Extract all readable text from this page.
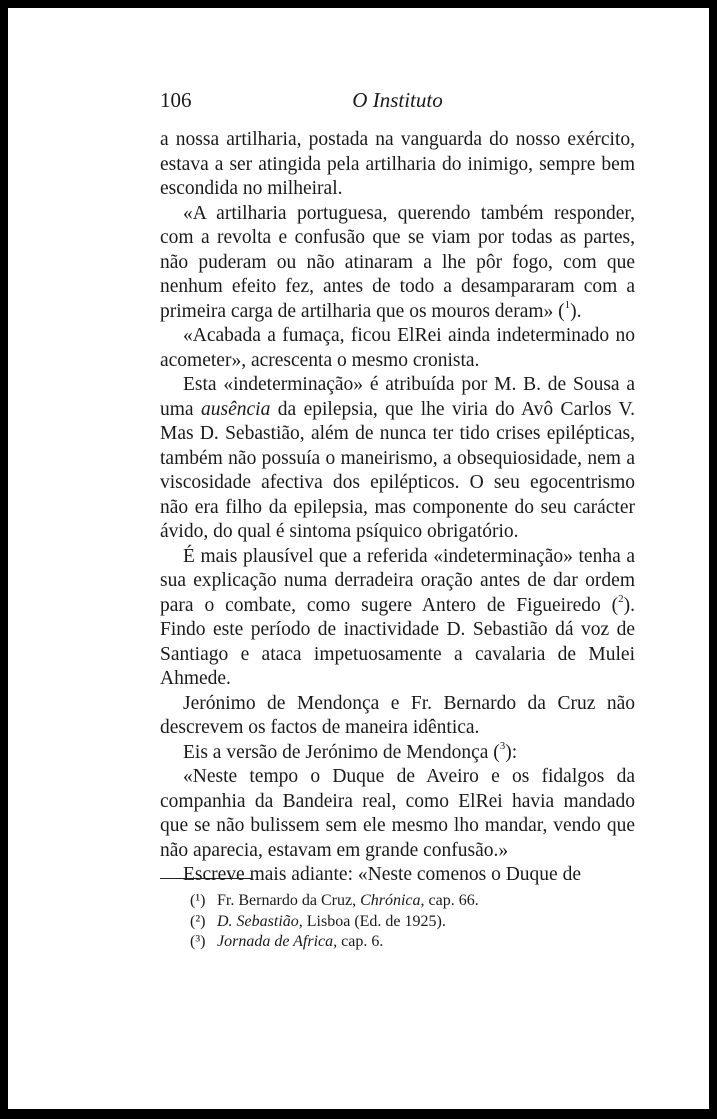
106	O Instituto

a nossa artilharia, postada na vanguarda do nosso exército, estava a ser atingida pela artilharia do inimigo, sempre bem escondida no milheiral.

«A artilharia portuguesa, querendo também responder, com a revolta e confusão que se viam por todas as partes, não puderam ou não atinaram a lhe pôr fogo, com que nenhum efeito fez, antes de todo a desampararam com a primeira carga de artilharia que os mouros deram» ($^1$).

«Acabada a fumaça, ficou ElRei ainda indeterminado no acometer», acrescenta o mesmo cronista.

Esta «indeterminação» é atribuída por M. B. de Sousa a uma ausência da epilepsia, que lhe viria do Avô Carlos V. Mas D. Sebastião, além de nunca ter tido crises epilépticas, também não possuía o maneirismo, a obsequiosidade, nem a viscosidade afectiva dos epilépticos. O seu egocentrismo não era filho da epilepsia, mas componente do seu carácter ávido, do qual é sintoma psíquico obrigatório.

É mais plausível que a referida «indeterminação» tenha a sua explicação numa derradeira oração antes de dar ordem para o combate, como sugere Antero de Figueiredo ($^2$). Findo este período de inactividade D. Sebastião dá voz de Santiago e ataca impetuosamente a cavalaria de Mulei Ahmede.

Jerónimo de Mendonça e Fr. Bernardo da Cruz não descrevem os factos de maneira idêntica.

Eis a versão de Jerónimo de Mendonça ($^3$):

«Neste tempo o Duque de Aveiro e os fidalgos da companhia da Bandeira real, como ElRei havia mandado que se não bulissem sem ele mesmo lho mandar, vendo que não aparecia, estavam em grande confusão.»

Escreve mais adiante: «Neste comenos o Duque de

(¹) Fr. Bernardo da Cruz, Chrónica, cap. 66.
(²) D. Sebastião, Lisboa (Ed. de 1925).
(³) Jornada de Africa, cap. 6.
